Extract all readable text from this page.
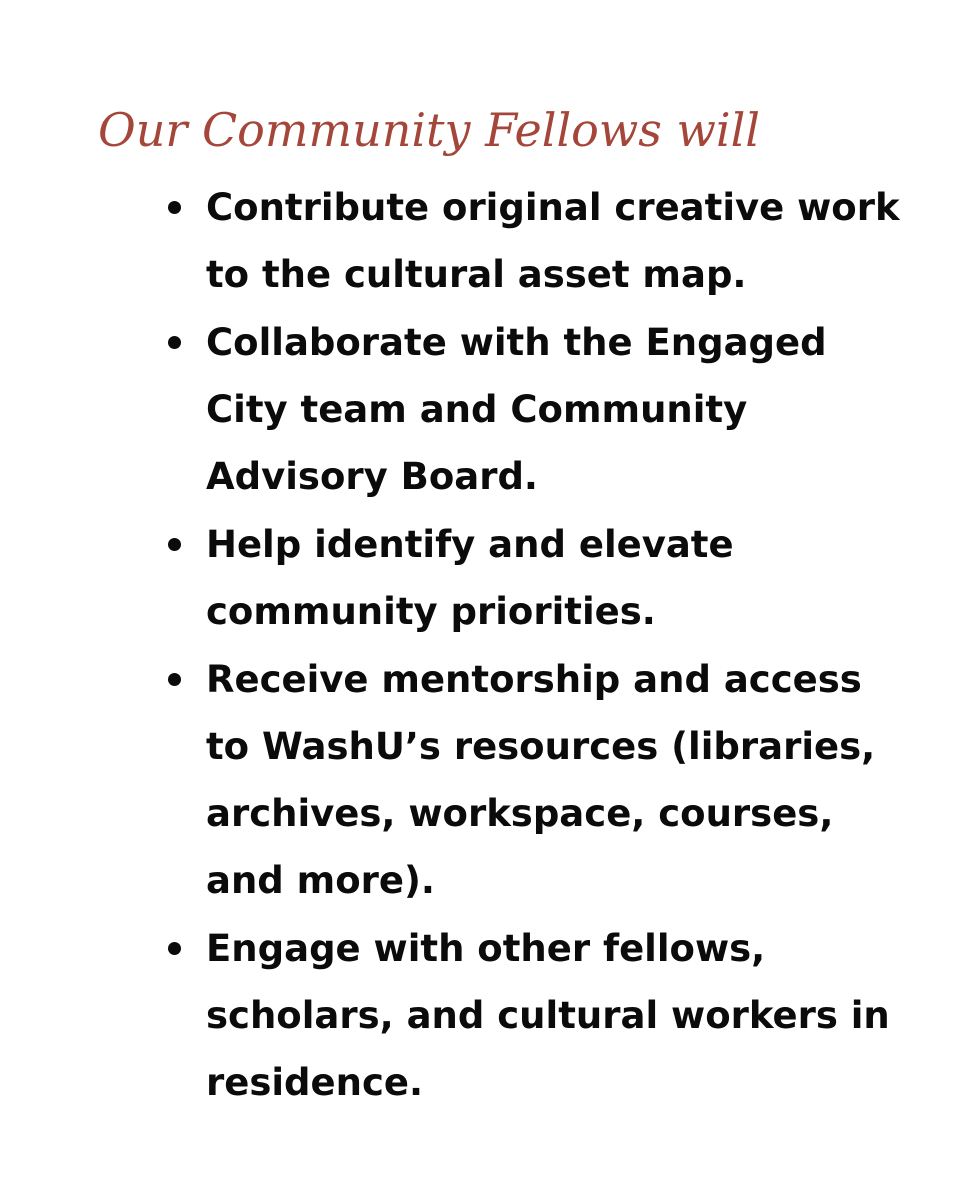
Our Community Fellows will
Contribute original creative work to the cultural asset map.
Collaborate with the Engaged City team and Community Advisory Board.
Help identify and elevate community priorities.
Receive mentorship and access to WashU’s resources (libraries, archives, workspace, courses, and more).
Engage with other fellows, scholars, and cultural workers in residence.
